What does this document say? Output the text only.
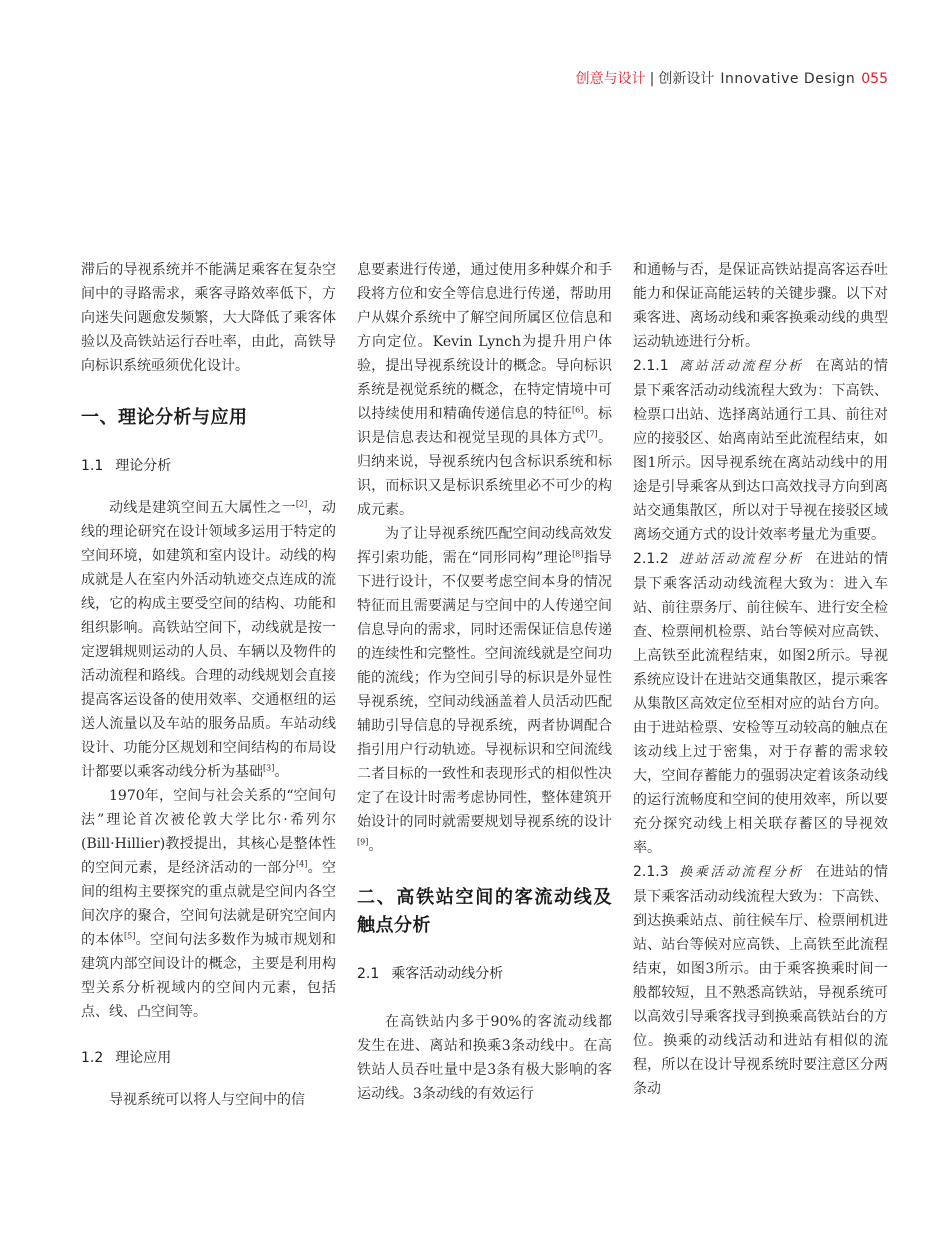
创意与设计 | 创新设计 Innovative Design 055

滞后的导视系统并不能满足乘客在复杂空间中的寻路需求，乘客寻路效率低下，方向迷失问题愈发频繁，大大降低了乘客体验以及高铁站运行吞吐率，由此，高铁导向标识系统亟须优化设计。

一、理论分析与应用
1.1 理论分析

动线是建筑空间五大属性之一[2]，动线的理论研究在设计领域多运用于特定的空间环境，如建筑和室内设计。动线的构成就是人在室内外活动轨迹交点连成的流线，它的构成主要受空间的结构、功能和组织影响。高铁站空间下，动线就是按一定逻辑规则运动的人员、车辆以及物件的活动流程和路线。合理的动线规划会直接提高客运设备的使用效率、交通枢纽的运送人流量以及车站的服务品质。车站动线设计、功能分区规划和空间结构的布局设计都要以乘客动线分析为基础[3]。

1970年，空间与社会关系的“空间句法”理论首次被伦敦大学比尔·希列尔(Bill·Hillier)教授提出，其核心是整体性的空间元素，是经济活动的一部分[4]。空间的组构主要探究的重点就是空间内各空间次序的聚合，空间句法就是研究空间内的本体[5]。空间句法多数作为城市规划和建筑内部空间设计的概念，主要是利用构型关系分析视域内的空间内元素，包括点、线、凸空间等。

1.2 理论应用

导视系统可以将人与空间中的信

息要素进行传递，通过使用多种媒介和手段将方位和安全等信息进行传递，帮助用户从媒介系统中了解空间所属区位信息和方向定位。Kevin Lynch为提升用户体验，提出导视系统设计的概念。导向标识系统是视觉系统的概念，在特定情境中可以持续使用和精确传递信息的特征[6]。标识是信息表达和视觉呈现的具体方式[7]。归纳来说，导视系统内包含标识系统和标识，而标识又是标识系统里必不可少的构成元素。

为了让导视系统匹配空间动线高效发挥引索功能，需在“同形同构”理论[8]指导下进行设计，不仅要考虑空间本身的情况特征而且需要满足与空间中的人传递空间信息导向的需求，同时还需保证信息传递的连续性和完整性。空间流线就是空间功能的流线；作为空间引导的标识是外显性导视系统，空间动线涵盖着人员活动匹配辅助引导信息的导视系统，两者协调配合指引用户行动轨迹。导视标识和空间流线二者目标的一致性和表现形式的相似性决定了在设计时需考虑协同性，整体建筑开始设计的同时就需要规划导视系统的设计[9]。

二、高铁站空间的客流动线及触点分析
2.1 乘客活动动线分析

在高铁站内多于90%的客流动线都发生在进、离站和换乘3条动线中。在高铁站人员吞吐量中是3条有极大影响的客运动线。3条动线的有效运行

和通畅与否，是保证高铁站提高客运吞吐能力和保证高能运转的关键步骤。以下对乘客进、离场动线和乘客换乘动线的典型运动轨迹进行分析。

2.1.1 离站活动流程分析 在离站的情景下乘客活动动线流程大致为：下高铁、检票口出站、选择离站通行工具、前往对应的接驳区、始离南站至此流程结束，如图1所示。因导视系统在离站动线中的用途是引导乘客从到达口高效找寻方向到离站交通集散区，所以对于导视在接驳区域离场交通方式的设计效率考量尤为重要。

2.1.2 进站活动流程分析 在进站的情景下乘客活动动线流程大致为：进入车站、前往票务厅、前往候车、进行安全检查、检票闸机检票、站台等候对应高铁、上高铁至此流程结束，如图2所示。导视系统应设计在进站交通集散区，提示乘客从集散区高效定位至相对应的站台方向。由于进站检票、安检等互动较高的触点在该动线上过于密集，对于存蓄的需求较大，空间存蓄能力的强弱决定着该条动线的运行流畅度和空间的使用效率，所以要充分探究动线上相关联存蓄区的导视效率。

2.1.3 换乘活动流程分析 在进站的情景下乘客活动动线流程大致为：下高铁、到达换乘站点、前往候车厅、检票闸机进站、站台等候对应高铁、上高铁至此流程结束，如图3所示。由于乘客换乘时间一般都较短，且不熟悉高铁站，导视系统可以高效引导乘客找寻到换乘高铁站台的方位。换乘的动线活动和进站有相似的流程，所以在设计导视系统时要注意区分两条动
